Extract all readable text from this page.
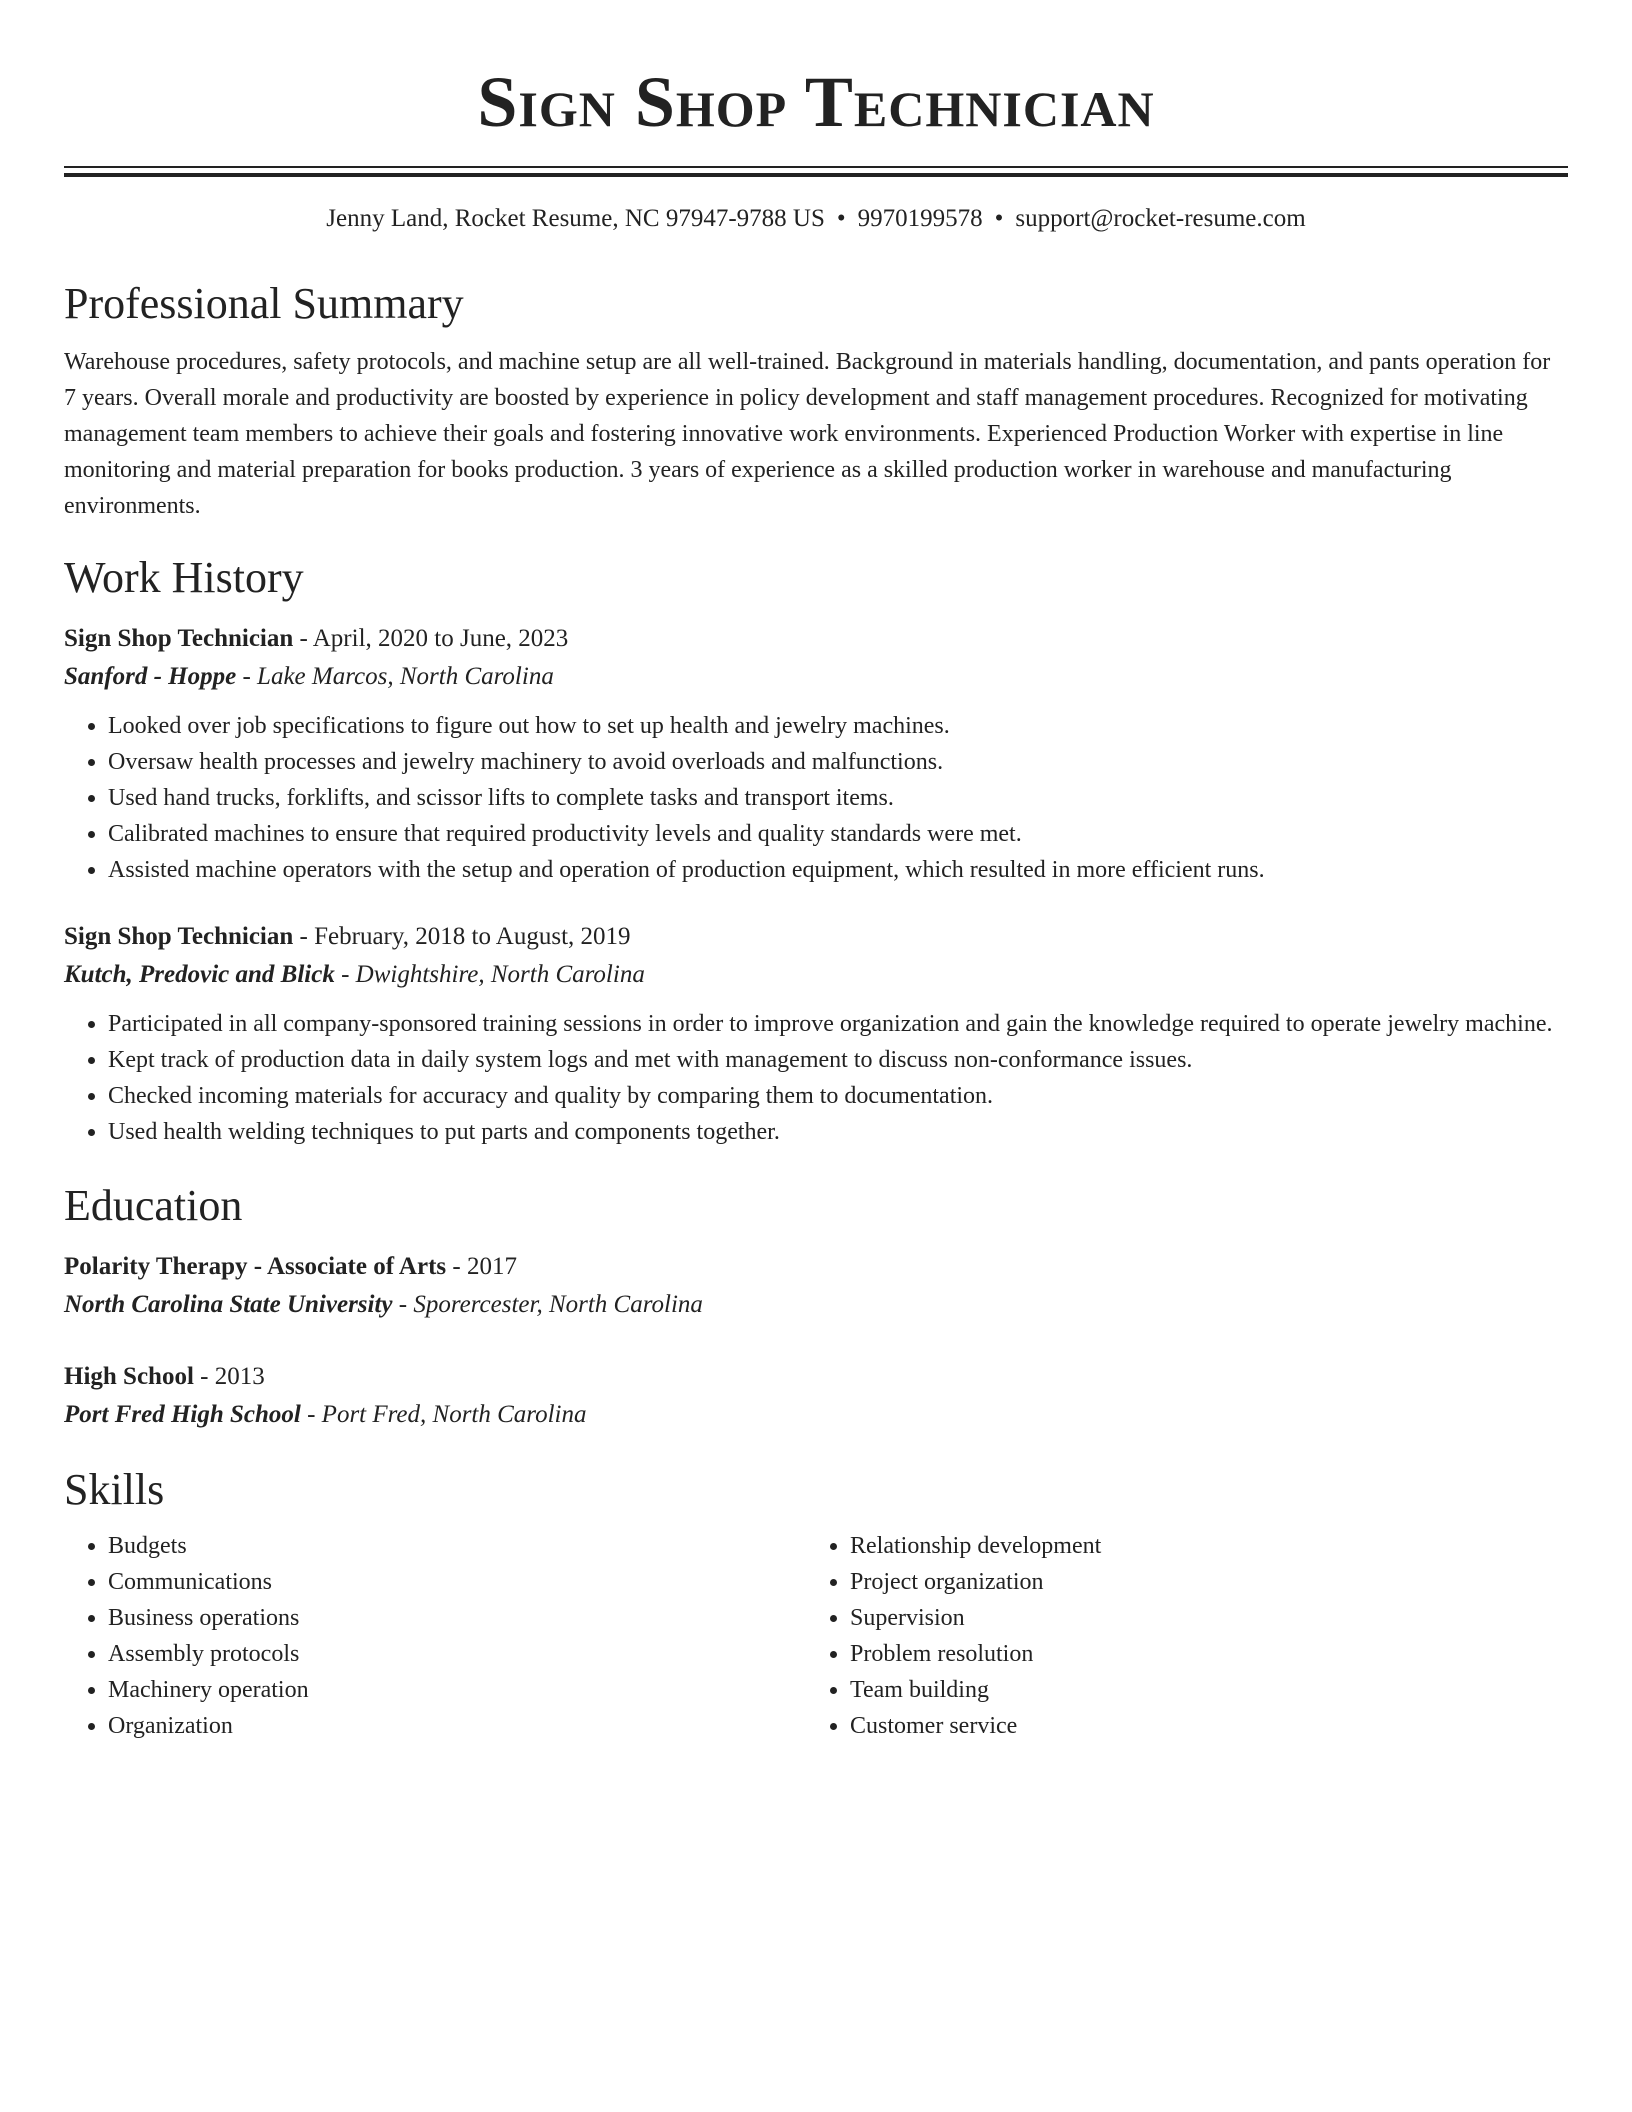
Sign Shop Technician
Jenny Land, Rocket Resume, NC 97947-9788 US • 9970199578 • support@rocket-resume.com
Professional Summary

Warehouse procedures, safety protocols, and machine setup are all well-trained. Background in materials handling, documentation, and pants operation for 7 years. Overall morale and productivity are boosted by experience in policy development and staff management procedures. Recognized for motivating management team members to achieve their goals and fostering innovative work environments. Experienced Production Worker with expertise in line monitoring and material preparation for books production. 3 years of experience as a skilled production worker in warehouse and manufacturing environments.

Work History
Sign Shop Technician - April, 2020 to June, 2023
Sanford - Hoppe - Lake Marcos, North Carolina
• Looked over job specifications to figure out how to set up health and jewelry machines.
• Oversaw health processes and jewelry machinery to avoid overloads and malfunctions.
• Used hand trucks, forklifts, and scissor lifts to complete tasks and transport items.
• Calibrated machines to ensure that required productivity levels and quality standards were met.
• Assisted machine operators with the setup and operation of production equipment, which resulted in more efficient runs.
Sign Shop Technician - February, 2018 to August, 2019
Kutch, Predovic and Blick - Dwightshire, North Carolina
• Participated in all company-sponsored training sessions in order to improve organization and gain the knowledge required to operate jewelry machine.
• Kept track of production data in daily system logs and met with management to discuss non-conformance issues.
• Checked incoming materials for accuracy and quality by comparing them to documentation.
• Used health welding techniques to put parts and components together.
Education
Polarity Therapy - Associate of Arts - 2017
North Carolina State University - Sporercester, North Carolina
High School - 2013
Port Fred High School - Port Fred, North Carolina
Skills
• Budgets
• Communications
• Business operations
• Assembly protocols
• Machinery operation
• Organization
• Relationship development
• Project organization
• Supervision
• Problem resolution
• Team building
• Customer service
